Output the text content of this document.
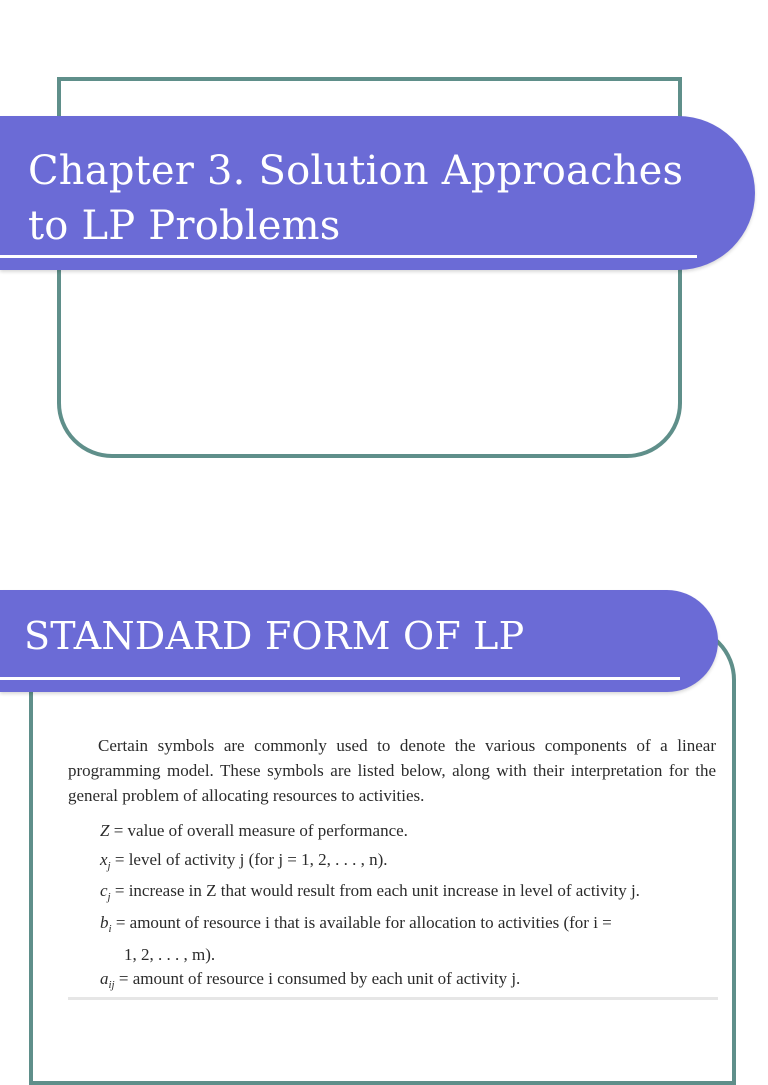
Chapter 3. Solution Approaches
to LP Problems
STANDARD FORM OF LP
Certain symbols are commonly used to denote the various components of a linear programming model. These symbols are listed below, along with their interpretation for the general problem of allocating resources to activities.
Z = value of overall measure of performance.
$x_j$ = level of activity j (for j = 1, 2, . . . , n).
$c_j$ = increase in Z that would result from each unit increase in level of activity j.
$b_i$ = amount of resource i that is available for allocation to activities (for i =
1, 2, . . . , m).
$a_{ij}$ = amount of resource i consumed by each unit of activity j.
